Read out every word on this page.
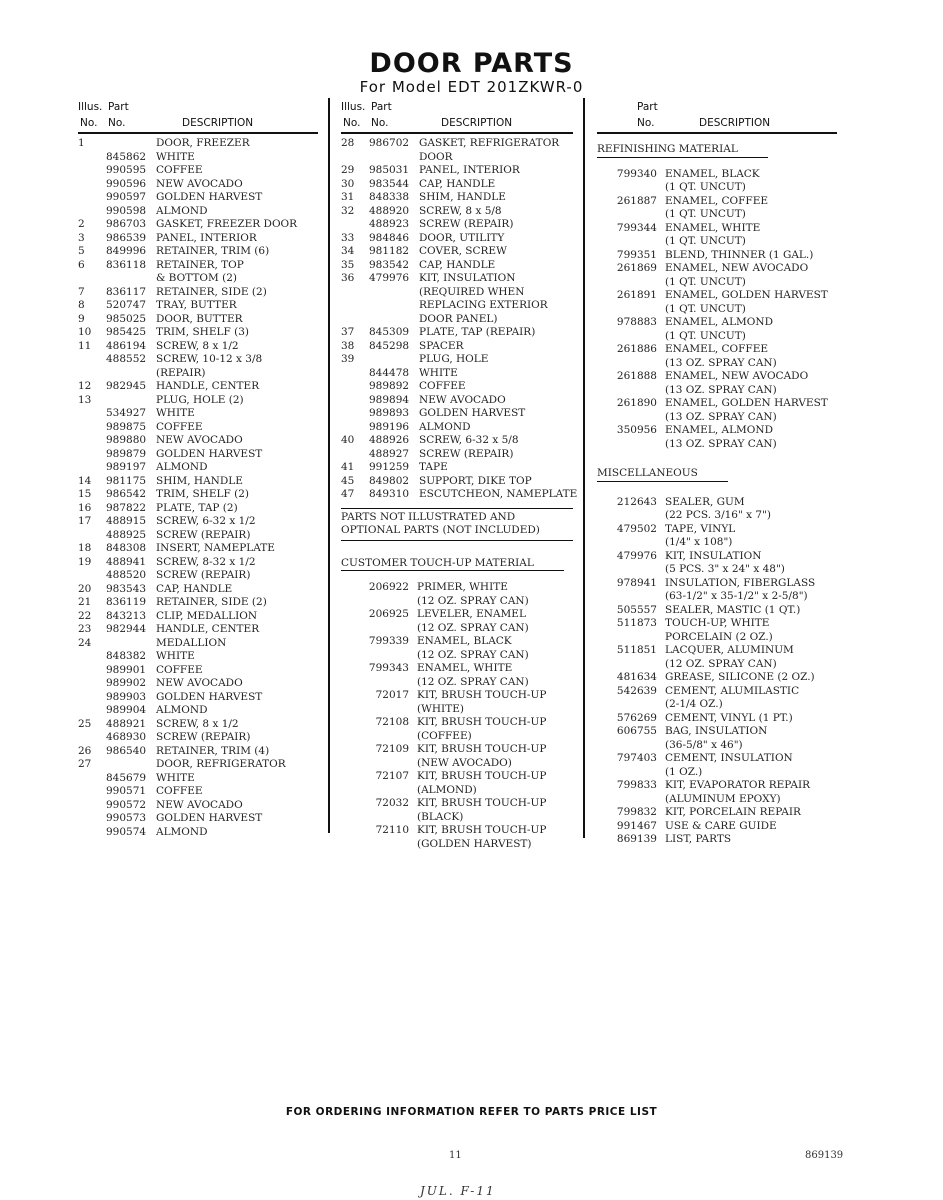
DOOR PARTS
For Model EDT 201ZKWR-0
Illus. Part
No. No.	DESCRIPTION
1	DOOR, FREEZER
845862 WHITE
990595 COFFEE
990596 NEW AVOCADO
990597 GOLDEN HARVEST
990598 ALMOND
2	986703 GASKET, FREEZER DOOR
3	986539 PANEL, INTERIOR
5	849996 RETAINER, TRIM (6)
6	836118 RETAINER, TOP
& BOTTOM (2)
7	836117 RETAINER, SIDE (2)
8	520747 TRAY, BUTTER
9	985025 DOOR, BUTTER
10	985425 TRIM, SHELF (3)
11	486194 SCREW, 8 x 1/2
488552 SCREW, 10-12 x 3/8
(REPAIR)
12	982945 HANDLE, CENTER
13	PLUG, HOLE (2)
534927 WHITE
989875 COFFEE
989880 NEW AVOCADO
989879 GOLDEN HARVEST
989197 ALMOND
14	981175 SHIM, HANDLE
15	986542 TRIM, SHELF (2)
16	987822 PLATE, TAP (2)
17	488915 SCREW, 6-32 x 1/2
488925 SCREW (REPAIR)
18	848308 INSERT, NAMEPLATE
19	488941 SCREW, 8-32 x 1/2
488520 SCREW (REPAIR)
20	983543 CAP, HANDLE
21	836119 RETAINER, SIDE (2)
22	843213 CLIP, MEDALLION
23	982944 HANDLE, CENTER
24	MEDALLION
848382 WHITE
989901 COFFEE
989902 NEW AVOCADO
989903 GOLDEN HARVEST
989904 ALMOND
25	488921 SCREW, 8 x 1/2
468930 SCREW (REPAIR)
26	986540 RETAINER, TRIM (4)
27	DOOR, REFRIGERATOR
845679 WHITE
990571 COFFEE
990572 NEW AVOCADO
990573 GOLDEN HARVEST
990574 ALMOND
Illus. Part
No. No.	DESCRIPTION
28	986702 GASKET, REFRIGERATOR
DOOR
29	985031 PANEL, INTERIOR
30	983544 CAP, HANDLE
31	848338 SHIM, HANDLE
32	488920 SCREW, 8 x 5/8
488923 SCREW (REPAIR)
33	984846 DOOR, UTILITY
34	981182 COVER, SCREW
35	983542 CAP, HANDLE
36	479976 KIT, INSULATION
(REQUIRED WHEN
REPLACING EXTERIOR
DOOR PANEL)
37	845309 PLATE, TAP (REPAIR)
38	845298 SPACER
39	PLUG, HOLE
844478 WHITE
989892 COFFEE
989894 NEW AVOCADO
989893 GOLDEN HARVEST
989196 ALMOND
40	488926 SCREW, 6-32 x 5/8
488927 SCREW (REPAIR)
41	991259 TAPE
45	849802 SUPPORT, DIKE TOP
47	849310 ESCUTCHEON, NAMEPLATE
PARTS NOT ILLUSTRATED AND OPTIONAL PARTS (NOT INCLUDED)
CUSTOMER TOUCH-UP MATERIAL
206922 PRIMER, WHITE
(12 OZ. SPRAY CAN)
206925 LEVELER, ENAMEL
(12 OZ. SPRAY CAN)
799339 ENAMEL, BLACK
(12 OZ. SPRAY CAN)
799343 ENAMEL, WHITE
(12 OZ. SPRAY CAN)
72017 KIT, BRUSH TOUCH-UP
(WHITE)
72108 KIT, BRUSH TOUCH-UP
(COFFEE)
72109 KIT, BRUSH TOUCH-UP
(NEW AVOCADO)
72107 KIT, BRUSH TOUCH-UP
(ALMOND)
72032 KIT, BRUSH TOUCH-UP
(BLACK)
72110 KIT, BRUSH TOUCH-UP
(GOLDEN HARVEST)
Part
No.	DESCRIPTION
REFINISHING MATERIAL
799340 ENAMEL, BLACK
(1 QT. UNCUT)
261887 ENAMEL, COFFEE
(1 QT. UNCUT)
799344 ENAMEL, WHITE
(1 QT. UNCUT)
799351 BLEND, THINNER (1 GAL.)
261869 ENAMEL, NEW AVOCADO
(1 QT. UNCUT)
261891 ENAMEL, GOLDEN HARVEST
(1 QT. UNCUT)
978883 ENAMEL, ALMOND
(1 QT. UNCUT)
261886 ENAMEL, COFFEE
(13 OZ. SPRAY CAN)
261888 ENAMEL, NEW AVOCADO
(13 OZ. SPRAY CAN)
261890 ENAMEL, GOLDEN HARVEST
(13 OZ. SPRAY CAN)
350956 ENAMEL, ALMOND
(13 OZ. SPRAY CAN)
MISCELLANEOUS
212643 SEALER, GUM
(22 PCS. 3/16" x 7")
479502 TAPE, VINYL
(1/4" x 108")
479976 KIT, INSULATION
(5 PCS. 3" x 24" x 48")
978941 INSULATION, FIBERGLASS
(63-1/2" x 35-1/2" x 2-5/8")
505557 SEALER, MASTIC (1 QT.)
511873 TOUCH-UP, WHITE
PORCELAIN (2 OZ.)
511851 LACQUER, ALUMINUM
(12 OZ. SPRAY CAN)
481634 GREASE, SILICONE (2 OZ.)
542639 CEMENT, ALUMILASTIC
(2-1/4 OZ.)
576269 CEMENT, VINYL (1 PT.)
606755 BAG, INSULATION
(36-5/8" x 46")
797403 CEMENT, INSULATION
(1 OZ.)
799833 KIT, EVAPORATOR REPAIR
(ALUMINUM EPOXY)
799832 KIT, PORCELAIN REPAIR
991467 USE & CARE GUIDE
869139 LIST, PARTS
FOR ORDERING INFORMATION REFER TO PARTS PRICE LIST
11	869139
JUL. F-11
